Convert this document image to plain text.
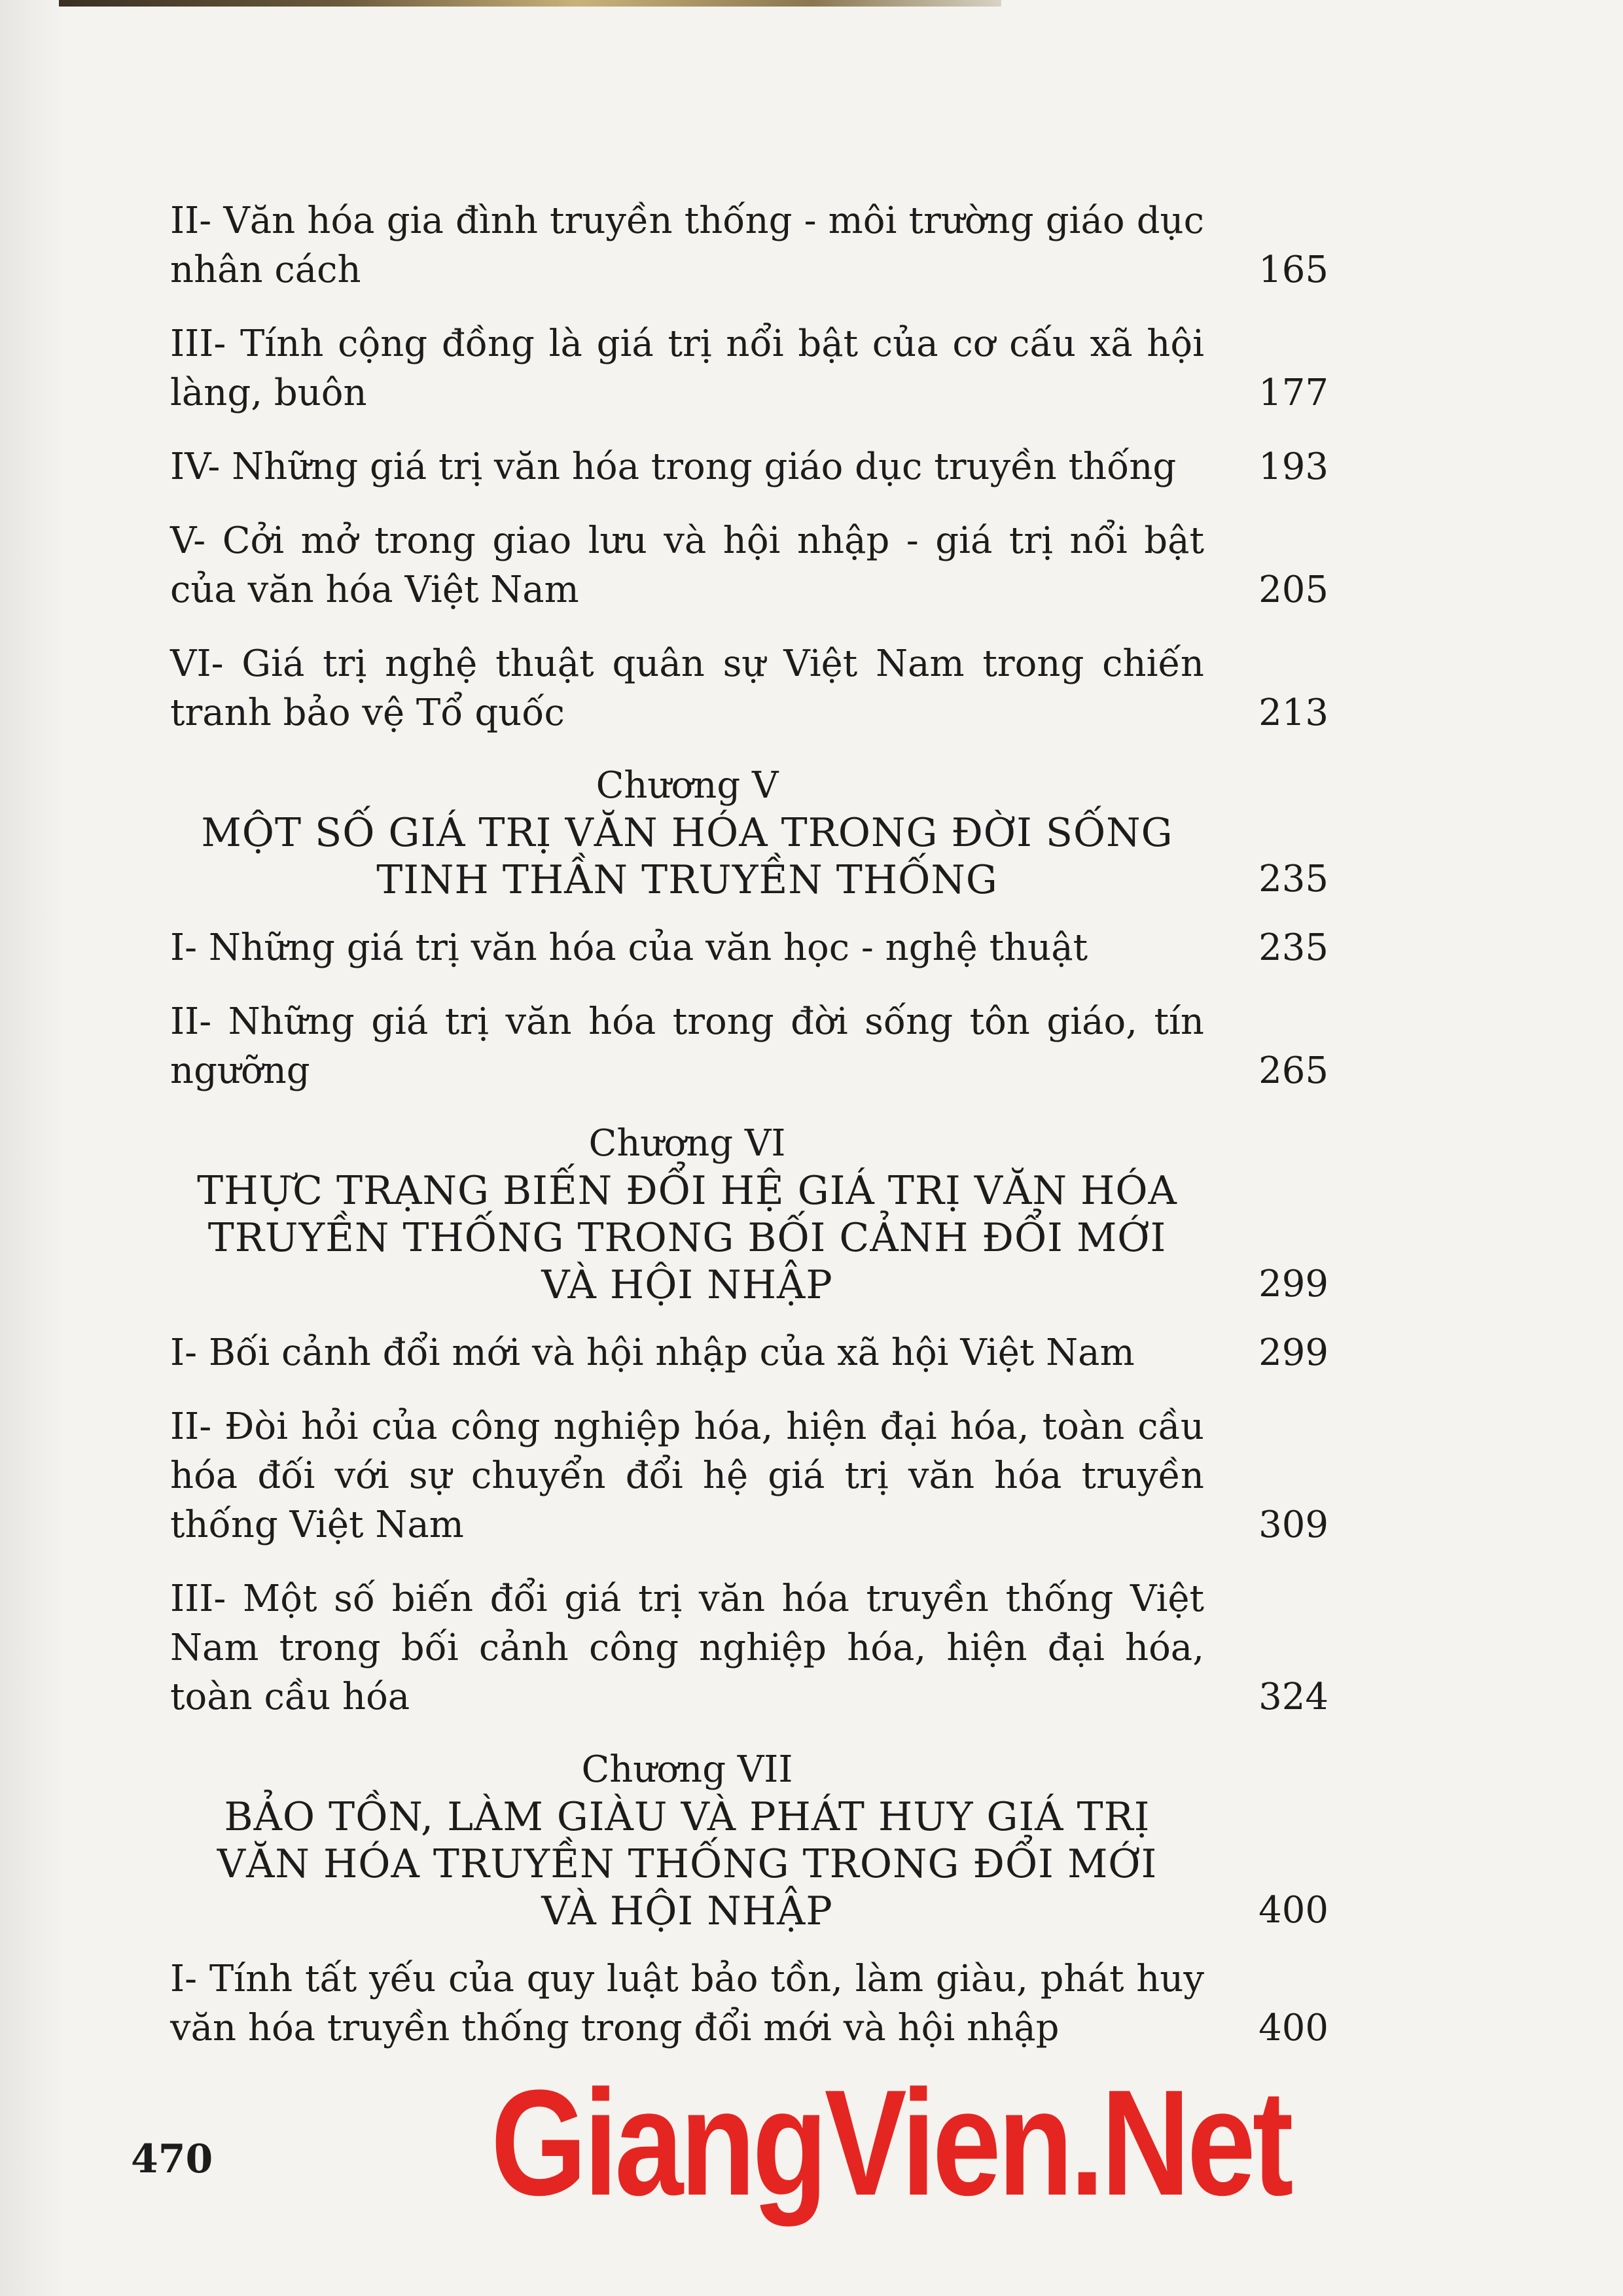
II- Văn hóa gia đình truyền thống - môi trường giáo dục nhân cách	165
III- Tính cộng đồng là giá trị nổi bật của cơ cấu xã hội làng, buôn	177
IV- Những giá trị văn hóa trong giáo dục truyền thống 193
V- Cởi mở trong giao lưu và hội nhập - giá trị nổi bật của văn hóa Việt Nam	205
VI- Giá trị nghệ thuật quân sự Việt Nam trong chiến tranh bảo vệ Tổ quốc	213
Chương V
MỘT SỐ GIÁ TRỊ VĂN HÓA TRONG ĐỜI SỐNG
TINH THẦN TRUYỀN THỐNG	235
I- Những giá trị văn hóa của văn học - nghệ thuật	235
II- Những giá trị văn hóa trong đời sống tôn giáo, tín ngưỡng	265
Chương VI
THỰC TRẠNG BIẾN ĐỔI HỆ GIÁ TRỊ VĂN HÓA
TRUYỀN THỐNG TRONG BỐI CẢNH ĐỔI MỚI
VÀ HỘI NHẬP	299
I- Bối cảnh đổi mới và hội nhập của xã hội Việt Nam	299
II- Đòi hỏi của công nghiệp hóa, hiện đại hóa, toàn cầu hóa đối với sự chuyển đổi hệ giá trị văn hóa truyền thống Việt Nam	309
III- Một số biến đổi giá trị văn hóa truyền thống Việt Nam trong bối cảnh công nghiệp hóa, hiện đại hóa, toàn cầu hóa	324
Chương VII
BẢO TỒN, LÀM GIÀU VÀ PHÁT HUY GIÁ TRỊ
VĂN HÓA TRUYỀN THỐNG TRONG ĐỔI MỚI
VÀ HỘI NHẬP	400
I- Tính tất yếu của quy luật bảo tồn, làm giàu, phát huy văn hóa truyền thống trong đổi mới và hội nhập	400
470 GiangVien.Net
